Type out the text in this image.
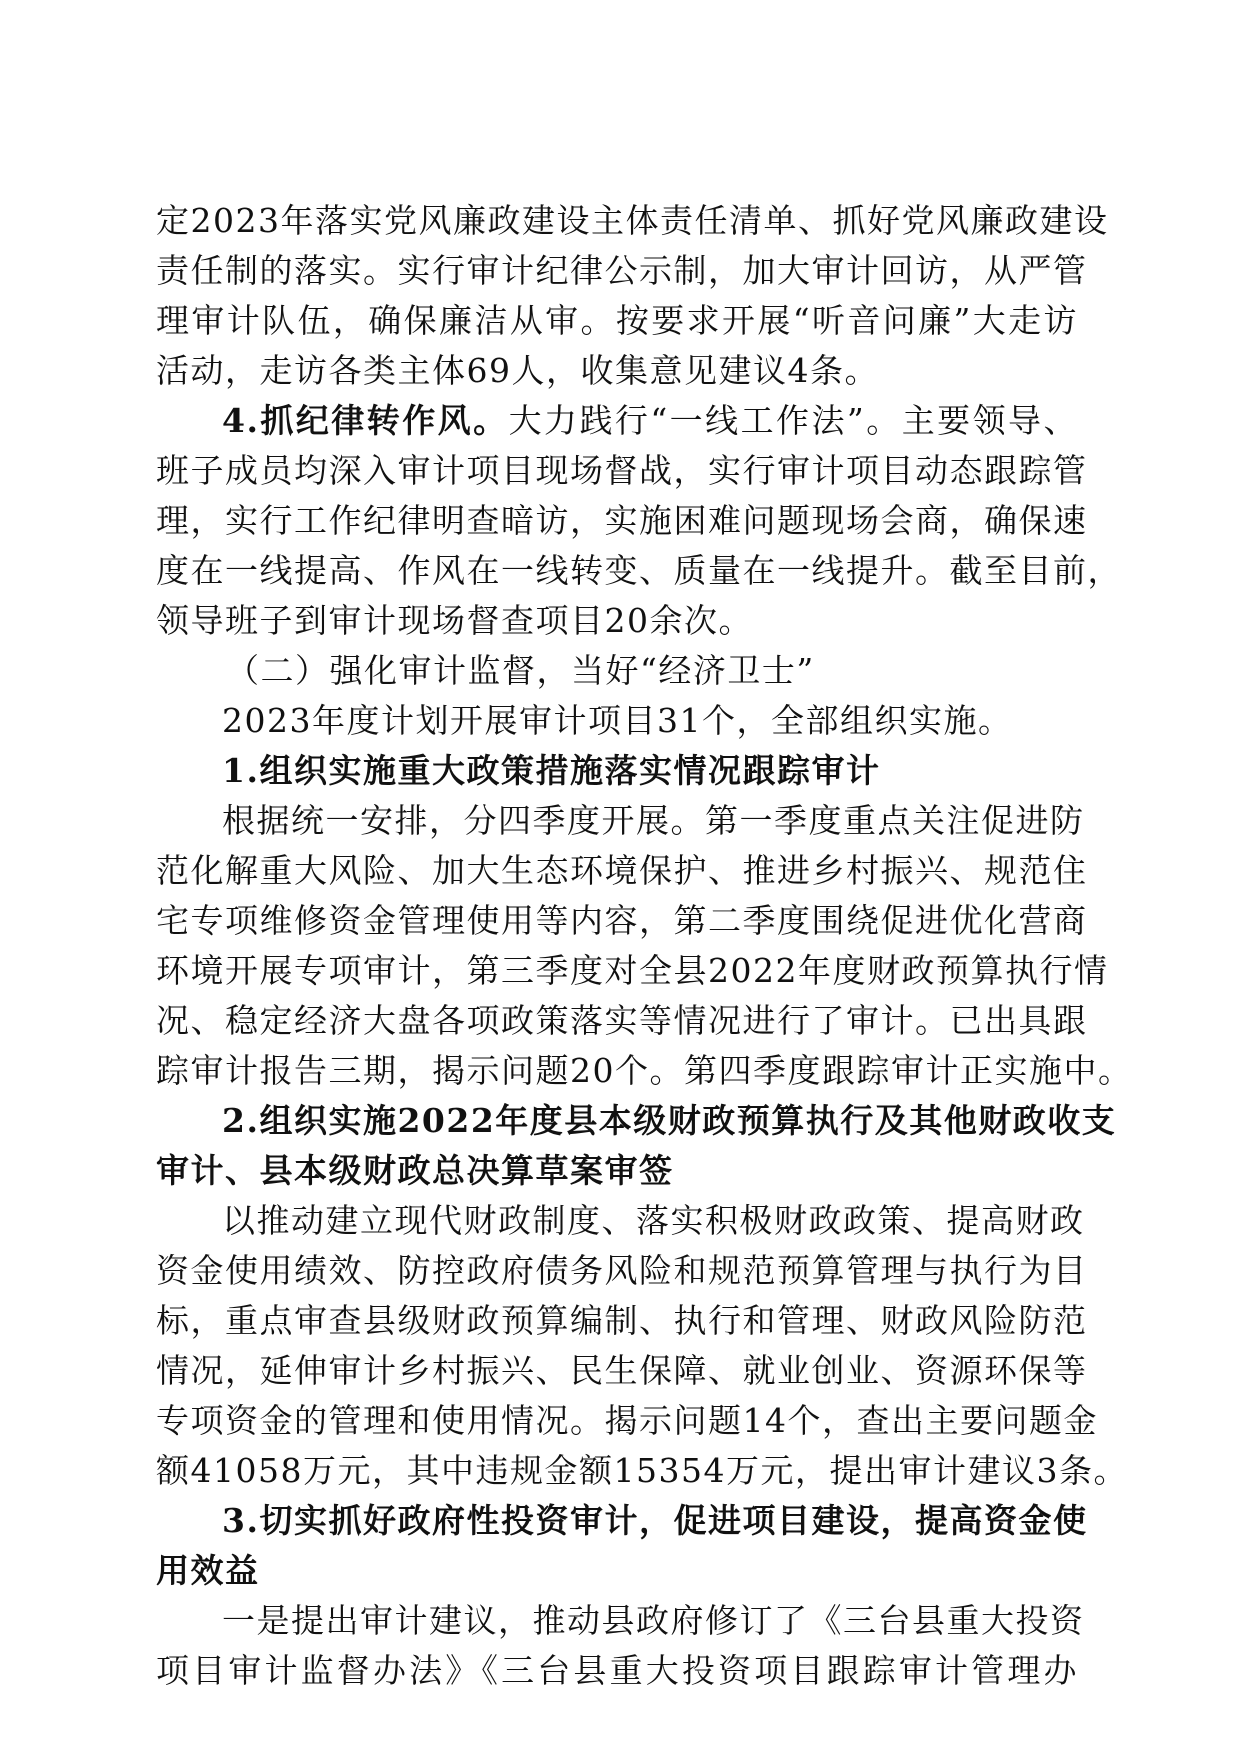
定2023年落实党风廉政建设主体责任清单、抓好党风廉政建设
责任制的落实。实行审计纪律公示制，加大审计回访，从严管
理审计队伍，确保廉洁从审。按要求开展“听音问廉”大走访
活动，走访各类主体69人，收集意见建议4条。
4.抓纪律转作风。大力践行“一线工作法”。主要领导、
班子成员均深入审计项目现场督战，实行审计项目动态跟踪管
理，实行工作纪律明查暗访，实施困难问题现场会商，确保速
度在一线提高、作风在一线转变、质量在一线提升。截至目前，
领导班子到审计现场督查项目20余次。
（二）强化审计监督，当好“经济卫士”
2023年度计划开展审计项目31个，全部组织实施。
1.组织实施重大政策措施落实情况跟踪审计
根据统一安排，分四季度开展。第一季度重点关注促进防
范化解重大风险、加大生态环境保护、推进乡村振兴、规范住
宅专项维修资金管理使用等内容，第二季度围绕促进优化营商
环境开展专项审计，第三季度对全县2022年度财政预算执行情
况、稳定经济大盘各项政策落实等情况进行了审计。已出具跟
踪审计报告三期，揭示问题20个。第四季度跟踪审计正实施中。
2.组织实施2022年度县本级财政预算执行及其他财政收支
审计、县本级财政总决算草案审签
以推动建立现代财政制度、落实积极财政政策、提高财政
资金使用绩效、防控政府债务风险和规范预算管理与执行为目
标，重点审查县级财政预算编制、执行和管理、财政风险防范
情况，延伸审计乡村振兴、民生保障、就业创业、资源环保等
专项资金的管理和使用情况。揭示问题14个，查出主要问题金
额41058万元，其中违规金额15354万元，提出审计建议3条。
3.切实抓好政府性投资审计，促进项目建设，提高资金使
用效益
一是提出审计建议，推动县政府修订了《三台县重大投资
项目审计监督办法》《三台县重大投资项目跟踪审计管理办
